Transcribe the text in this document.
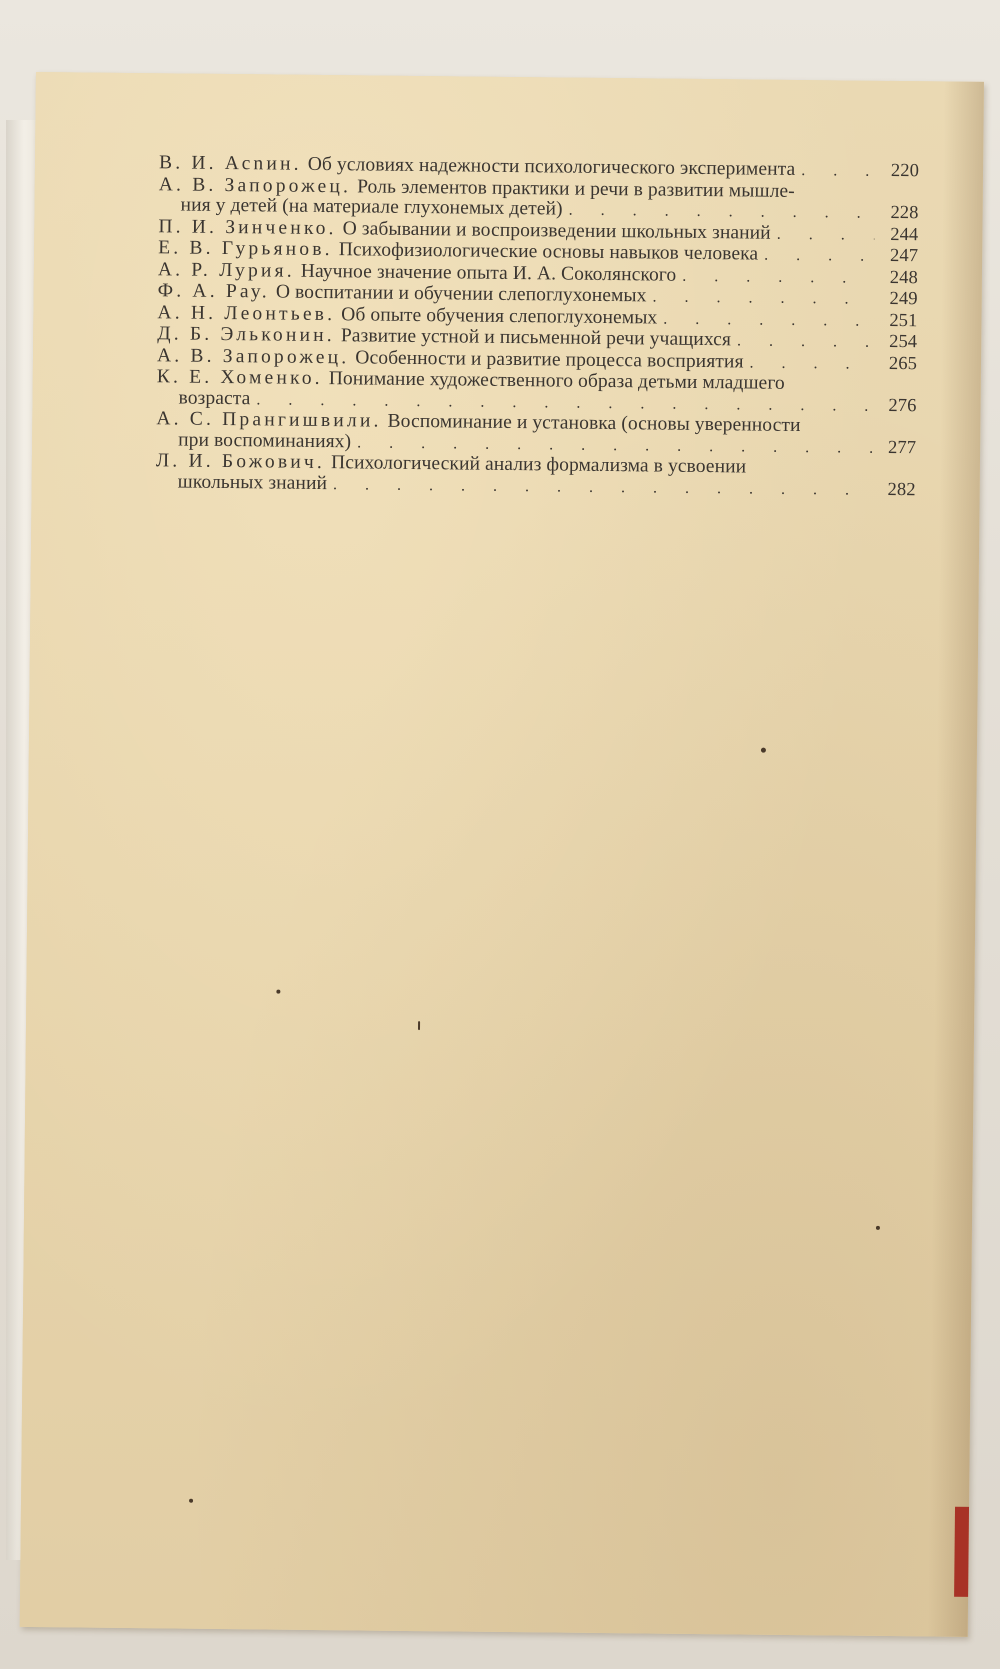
В. И. Асnин. Об условиях надежности психологического эксперимента . . .	220
А. В. Запорожец. Роль элементов практики и речи в развитии мышле-
ния у детей (на материале глухонемых детей) . . .	228
П. И. Зинченко. О забывании и воспроизведении школьных знаний . . .	244
Е. В. Гурьянов. Психофизиологические основы навыков человека . . .	247
А. Р. Лурия. Научное значение опыта И. А. Соколянского . . .	248
Ф. А. Рау. О воспитании и обучении слепоглухонемых . . .	249
А. Н. Леонтьев. Об опыте обучения слепоглухонемых . . .	251
Д. Б. Эльконин. Развитие устной и письменной речи учащихся . . .	254
А. В. Запорожец. Особенности и развитие процесса восприятия . . .	265
К. Е. Хоменко. Понимание художественного образа детьми младшего
возраста . . .	276
А. С. Прангишвили. Воспоминание и установка (основы уверенности
при воспоминаниях) . . .	277
Л. И. Божович. Психологический анализ формализма в усвоении
школьных знаний . . .	282
